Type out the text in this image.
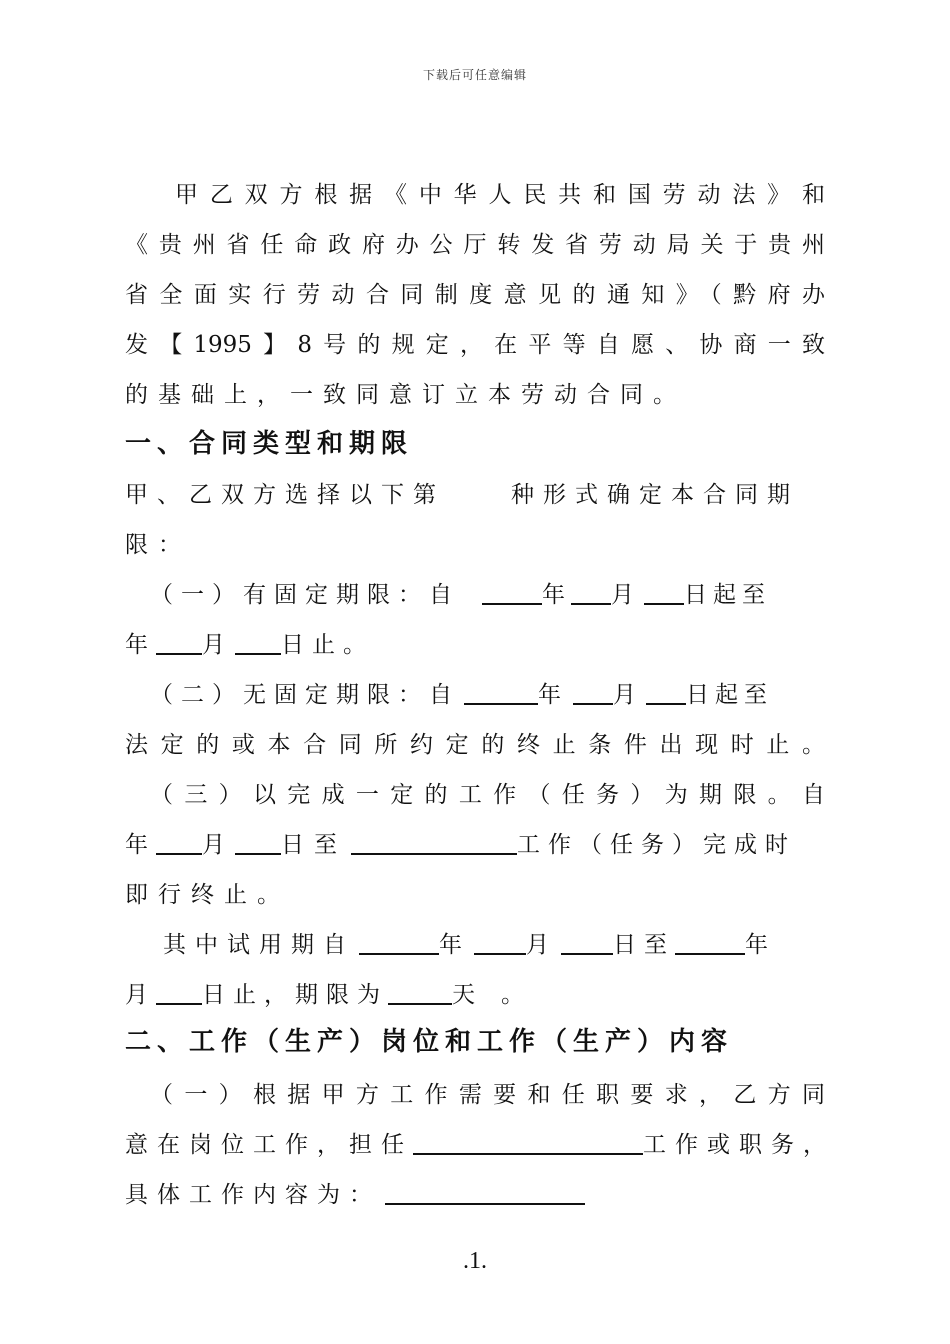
下载后可任意编辑
甲乙双方根据《中华人民共和国劳动法》和
《贵州省任命政府办公厅转发省劳动局关于贵州
省全面实行劳动合同制度意见的通知》（黔府办
发【1995】8号的规定，在平等自愿、协商一致
的基础上，一致同意订立本劳动合同。
一、合同类型和期限
甲、乙双方选择以下第	种形式确定本合同期
限：
（一）有固定期限：自	年 月 日起至
年 月 日止。
（二）无固定期限：自	年 月 日起至
法定的或本合同所约定的终止条件出现时止。
（三）以完成一定的工作（任务）为期限。自
年 月 日至	工作（任务）完成时
即行终止。
其中试用期自	年	月	日至	年
月 日止，期限为	天 。
二、工作（生产）岗位和工作（生产）内容
（一）根据甲方工作需要和任职要求，乙方同
意在岗位工作，担任	工作或职务，
具体工作内容为：
.1.
